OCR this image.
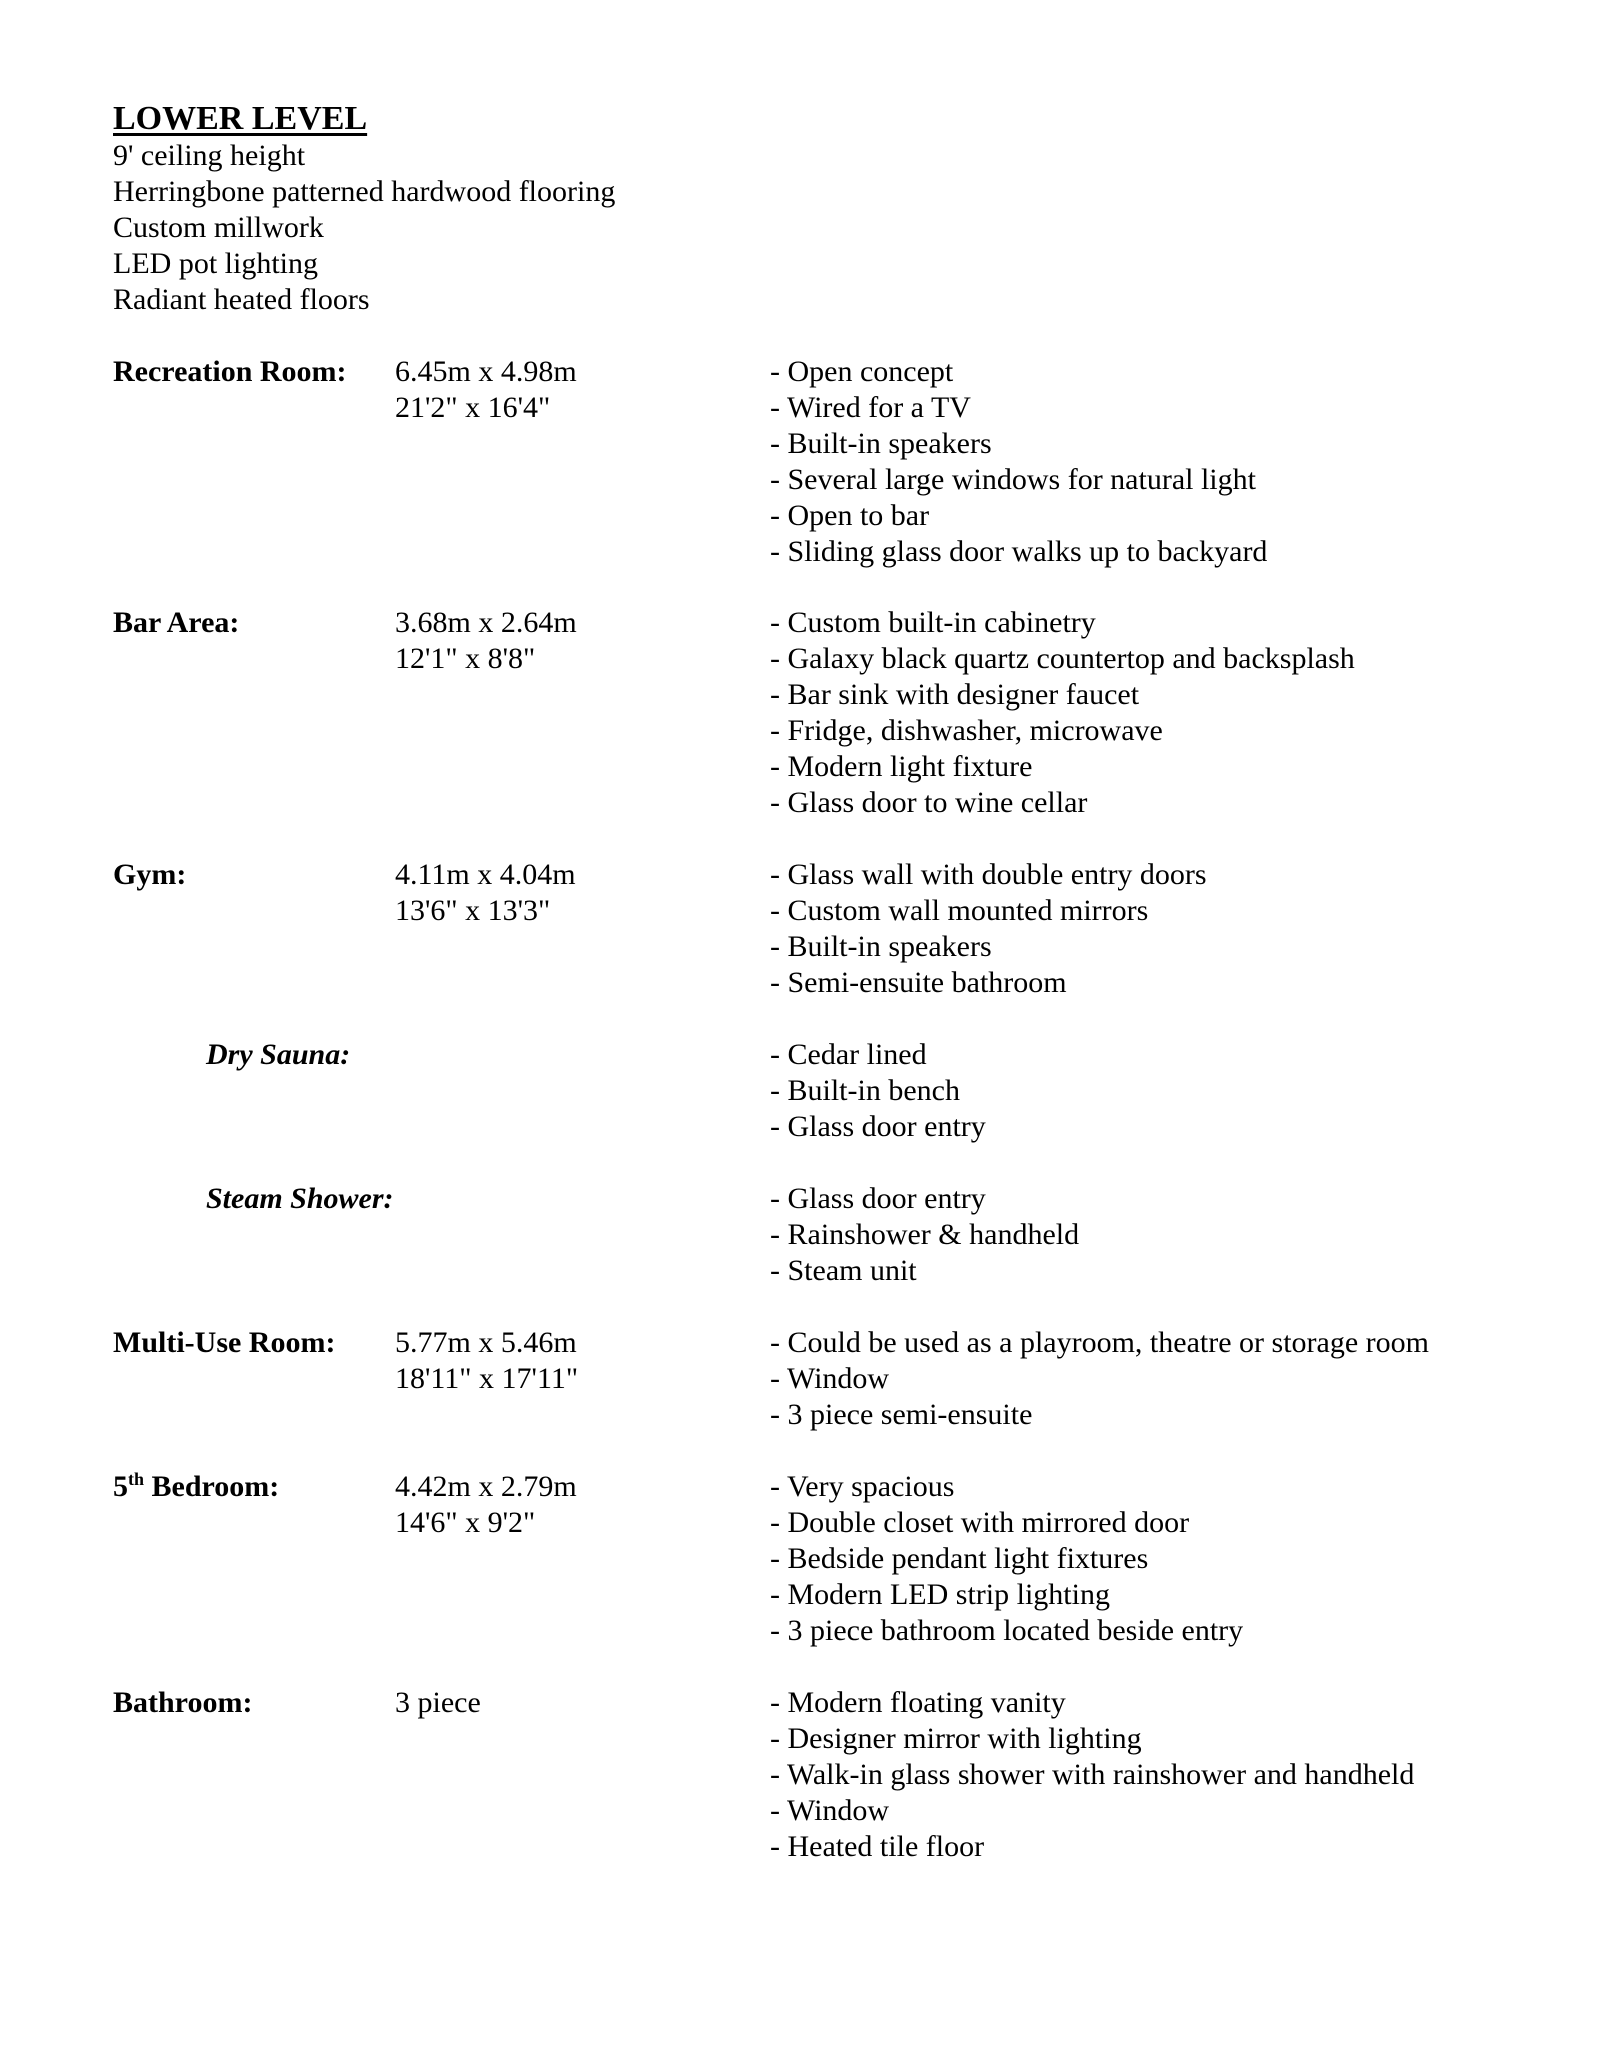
LOWER LEVEL
9' ceiling height
Herringbone patterned hardwood flooring
Custom millwork
LED pot lighting
Radiant heated floors
Recreation Room: 6.45m x 4.98m
21'2" x 16'4"
- Open concept
- Wired for a TV
- Built-in speakers
- Several large windows for natural light
- Open to bar
- Sliding glass door walks up to backyard
Bar Area:	3.68m x 2.64m
12'1" x 8'8"
- Custom built-in cabinetry
- Galaxy black quartz countertop and backsplash
- Bar sink with designer faucet
- Fridge, dishwasher, microwave
- Modern light fixture
- Glass door to wine cellar
Gym:	4.11m x 4.04m
13'6" x 13'3"
- Glass wall with double entry doors
- Custom wall mounted mirrors
- Built-in speakers
- Semi-ensuite bathroom
Dry Sauna:	- Cedar lined
- Built-in bench
- Glass door entry
Steam Shower:	- Glass door entry
- Rainshower & handheld
- Steam unit
Multi-Use Room: 5.77m x 5.46m
18'11" x 17'11"
- Could be used as a playroom, theatre or storage room
- Window
- 3 piece semi-ensuite
5th Bedroom:	4.42m x 2.79m
14'6" x 9'2"
- Very spacious
- Double closet with mirrored door
- Bedside pendant light fixtures
- Modern LED strip lighting
- 3 piece bathroom located beside entry
Bathroom:	3 piece	- Modern floating vanity
- Designer mirror with lighting
- Walk-in glass shower with rainshower and handheld
- Window
- Heated tile floor
